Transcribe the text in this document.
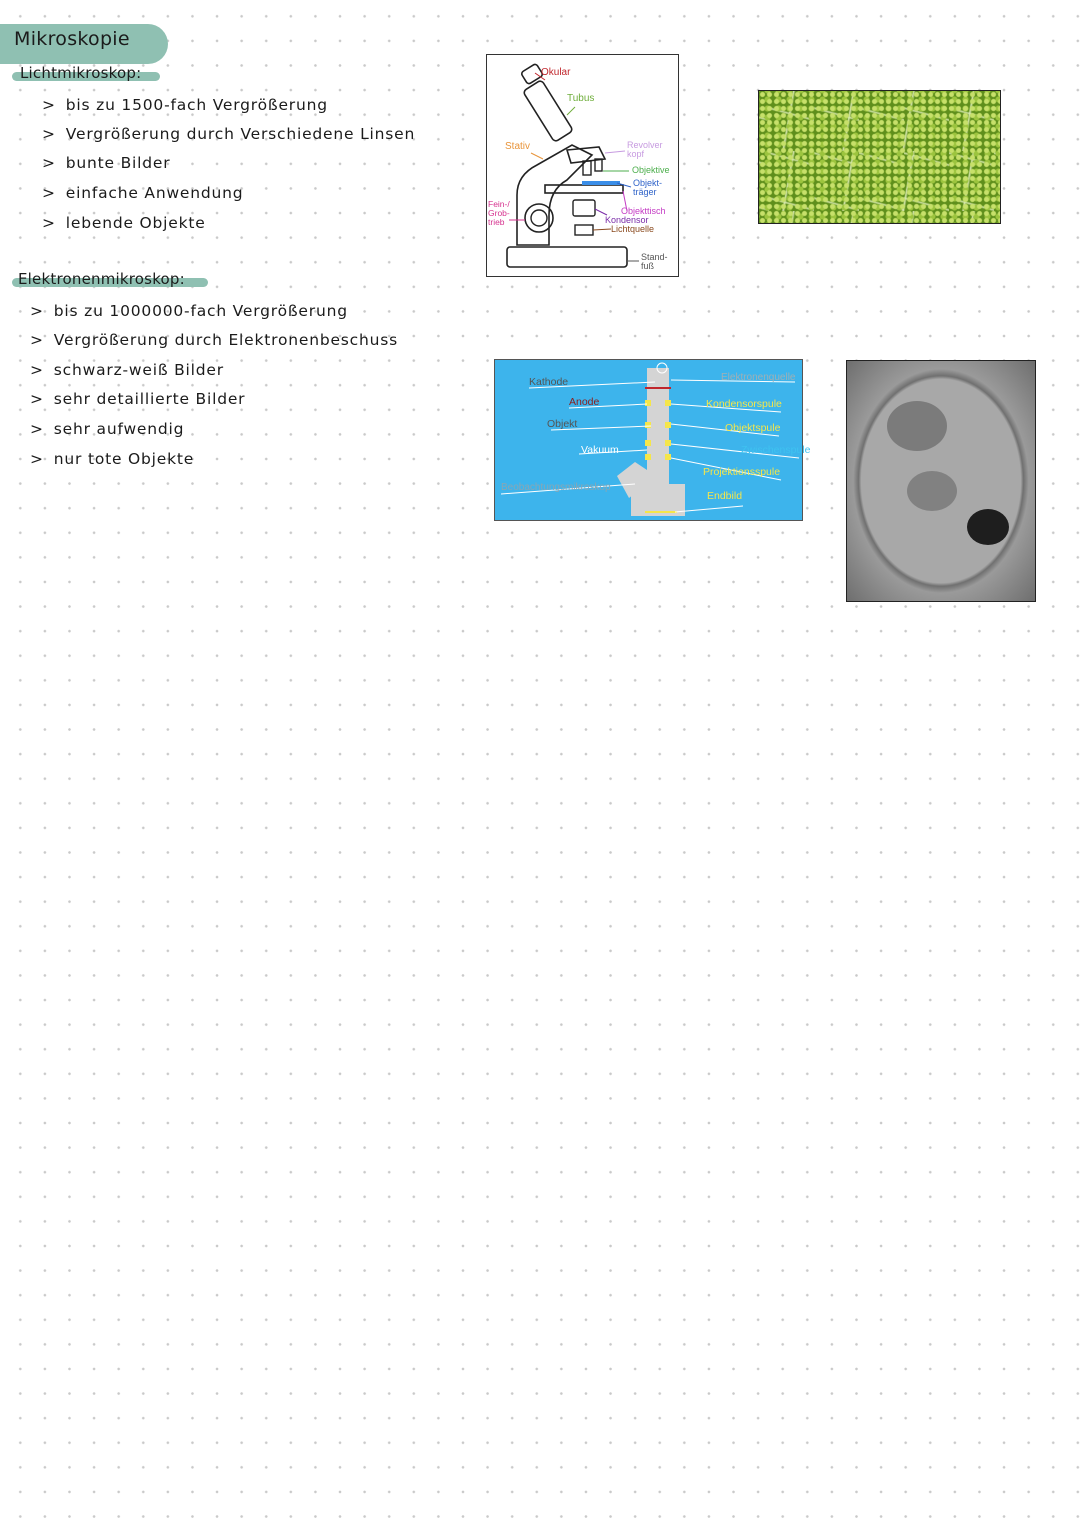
Mikroskopie
Lichtmikroskop:
> bis zu 1500-fach Vergrößerung
> Vergrößerung durch Verschiedene Linsen
> bunte Bilder
> einfache Anwendung
> lebende Objekte
Elektronenmikroskop:
> bis zu 1000000-fach Vergrößerung
> Vergrößerung durch Elektronenbeschuss
> schwarz-weiß Bilder
> sehr detaillierte Bilder
> sehr aufwendig
> nur tote Objekte
Okular
Tubus
Stativ	Revolver kopf
Objektive
Objekt- träger
Fein-/ Grob- trieb
Objekttisch
Kondensor
Lichtquelle
Stand- fuß
Kathode
Anode
Objekt
Vakuum
Beobachtungsmikroskop
Elektronenquelle
Kondensorspule
Objektspule
Zwischenspule
Projektionsspule
Endbild
